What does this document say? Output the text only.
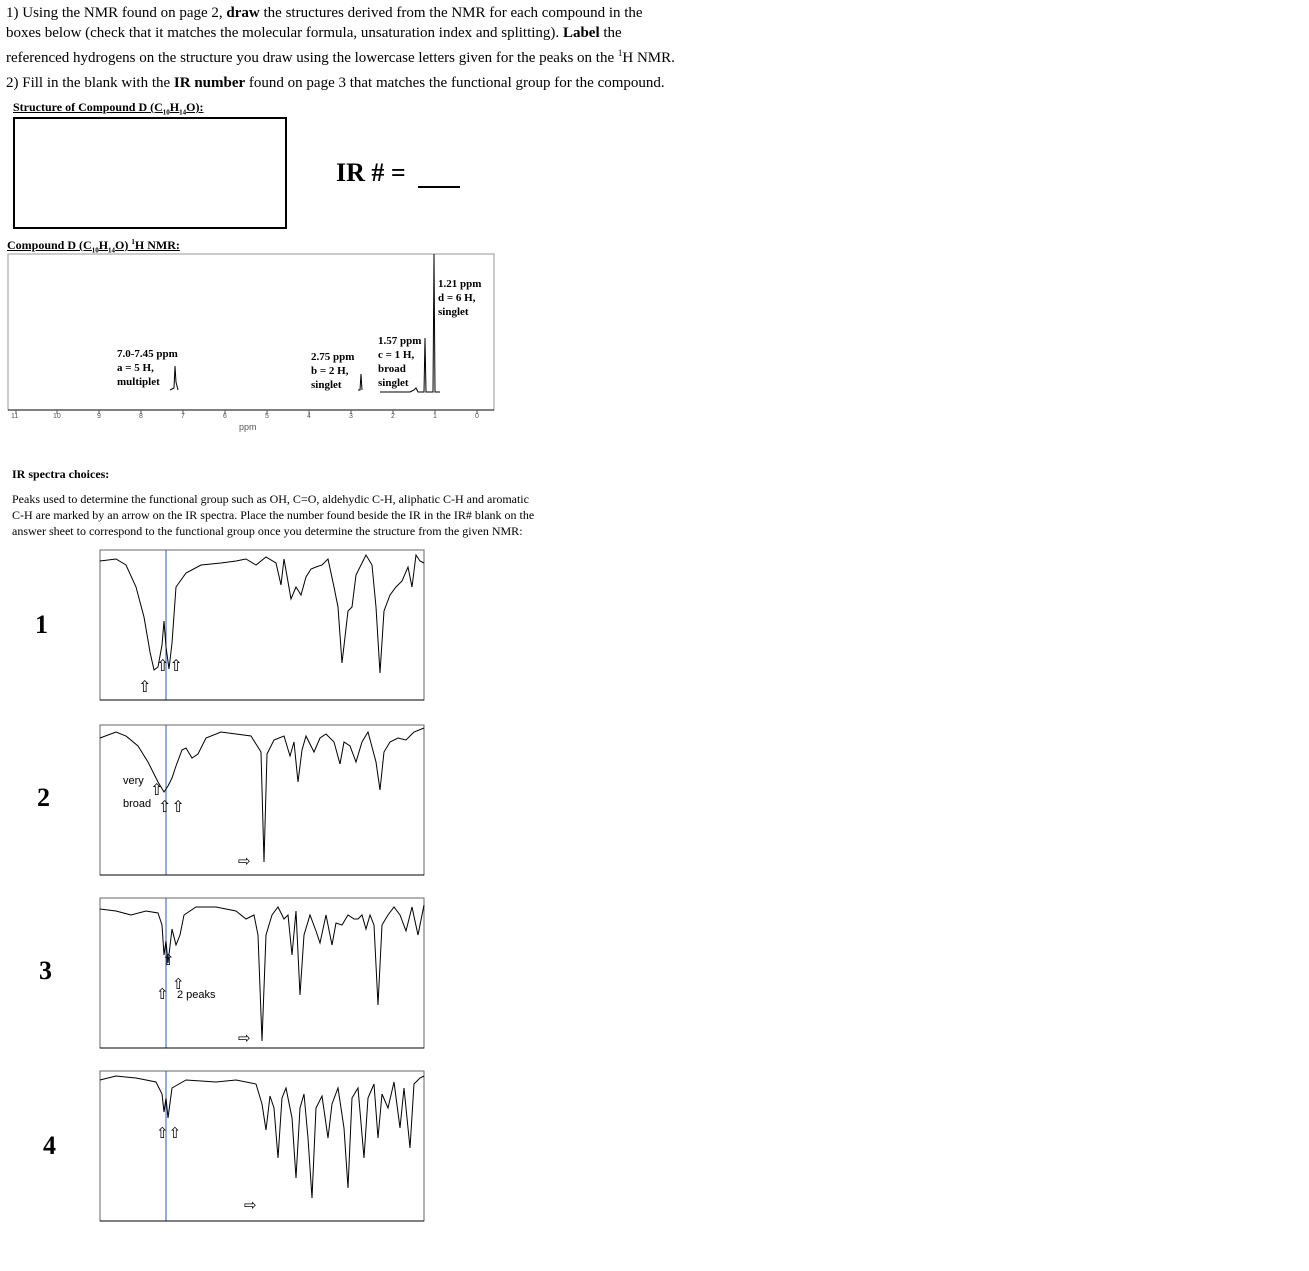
1) Using the NMR found on page 2, draw the structures derived from the NMR for each compound in the
boxes below (check that it matches the molecular formula, unsaturation index and splitting). Label the
referenced hydrogens on the structure you draw using the lowercase letters given for the peaks on the $^1$H NMR.
2) Fill in the blank with the IR number found on page 3 that matches the functional group for the compound.
Structure of Compound D $(C_{10}H_{14}O)$:
IR # =
Compound D $(C_{10}H_{14}O)$ $^1$H NMR:
11	10	9	8	7	6	5	4	3	2	1	0
ppm
7.0-7.45 ppm
a = 5 H,
multiplet
2.75 ppm
b = 2 H,
singlet
1.57 ppm
c = 1 H,
broad
singlet
1.21 ppm
d = 6 H,
singlet
IR spectra choices:
Peaks used to determine the functional group such as OH, C=O, aldehydic C-H, aliphatic C-H and aromatic
C-H are marked by an arrow on the IR spectra. Place the number found beside the IR in the IR# blank on the
answer sheet to correspond to the functional group once you determine the structure from the given NMR:
1
⇧
⇧⇧
2	⇧
⇧⇧
⇨
very
broad
3	⇧
⇧
⇧
⇨
2 peaks
4	⇧⇧
⇨
